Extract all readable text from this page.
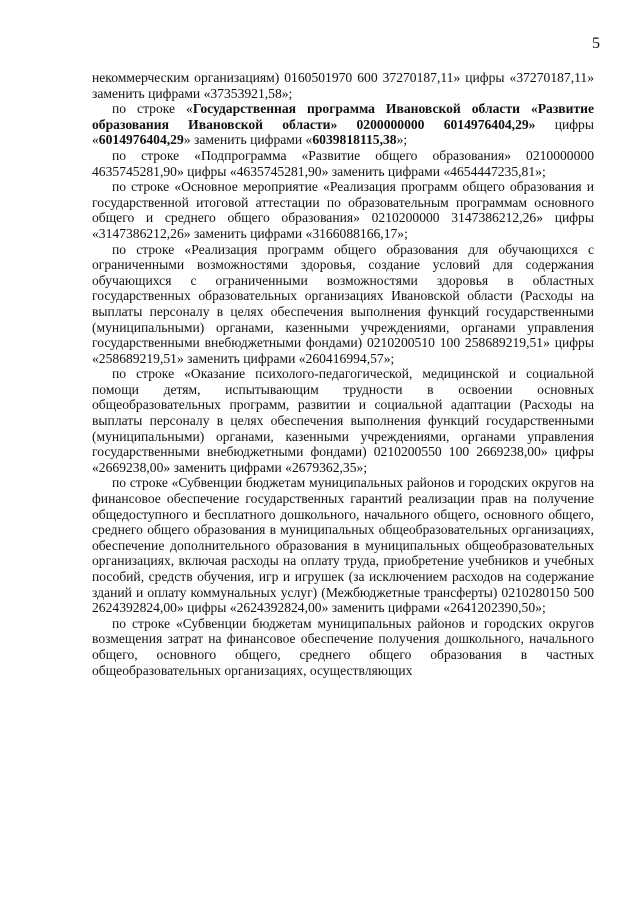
5

некоммерческим организациям) 0160501970 600 37270187,11» цифры «37270187,11» заменить цифрами «37353921,58»;

по строке «Государственная программа Ивановской области «Развитие образования Ивановской области» 0200000000 6014976404,29» цифры «6014976404,29» заменить цифрами «6039818115,38»;

по строке «Подпрограмма «Развитие общего образования» 0210000000 4635745281,90» цифры «4635745281,90» заменить цифрами «4654447235,81»;

по строке «Основное мероприятие «Реализация программ общего образования и государственной итоговой аттестации по образовательным программам основного общего и среднего общего образования» 0210200000 3147386212,26» цифры «3147386212,26» заменить цифрами «3166088166,17»;

по строке «Реализация программ общего образования для обучающихся с ограниченными возможностями здоровья, создание условий для содержания обучающихся с ограниченными возможностями здоровья в областных государственных образовательных организациях Ивановской области (Расходы на выплаты персоналу в целях обеспечения выполнения функций государственными (муниципальными) органами, казенными учреждениями, органами управления государственными внебюджетными фондами) 0210200510 100 258689219,51» цифры «258689219,51» заменить цифрами «260416994,57»;

по строке «Оказание психолого-педагогической, медицинской и социальной помощи детям, испытывающим трудности в освоении основных общеобразовательных программ, развитии и социальной адаптации (Расходы на выплаты персоналу в целях обеспечения выполнения функций государственными (муниципальными) органами, казенными учреждениями, органами управления государственными внебюджетными фондами) 0210200550 100 2669238,00» цифры «2669238,00» заменить цифрами «2679362,35»;

по строке «Субвенции бюджетам муниципальных районов и городских округов на финансовое обеспечение государственных гарантий реализации прав на получение общедоступного и бесплатного дошкольного, начального общего, основного общего, среднего общего образования в муниципальных общеобразовательных организациях, обеспечение дополнительного образования в муниципальных общеобразовательных организациях, включая расходы на оплату труда, приобретение учебников и учебных пособий, средств обучения, игр и игрушек (за исключением расходов на содержание зданий и оплату коммунальных услуг) (Межбюджетные трансферты) 0210280150 500 2624392824,00» цифры «2624392824,00» заменить цифрами «2641202390,50»;

по строке «Субвенции бюджетам муниципальных районов и городских округов возмещения затрат на финансовое обеспечение получения дошкольного, начального общего, основного общего, среднего общего образования в частных общеобразовательных организациях, осуществляющих
